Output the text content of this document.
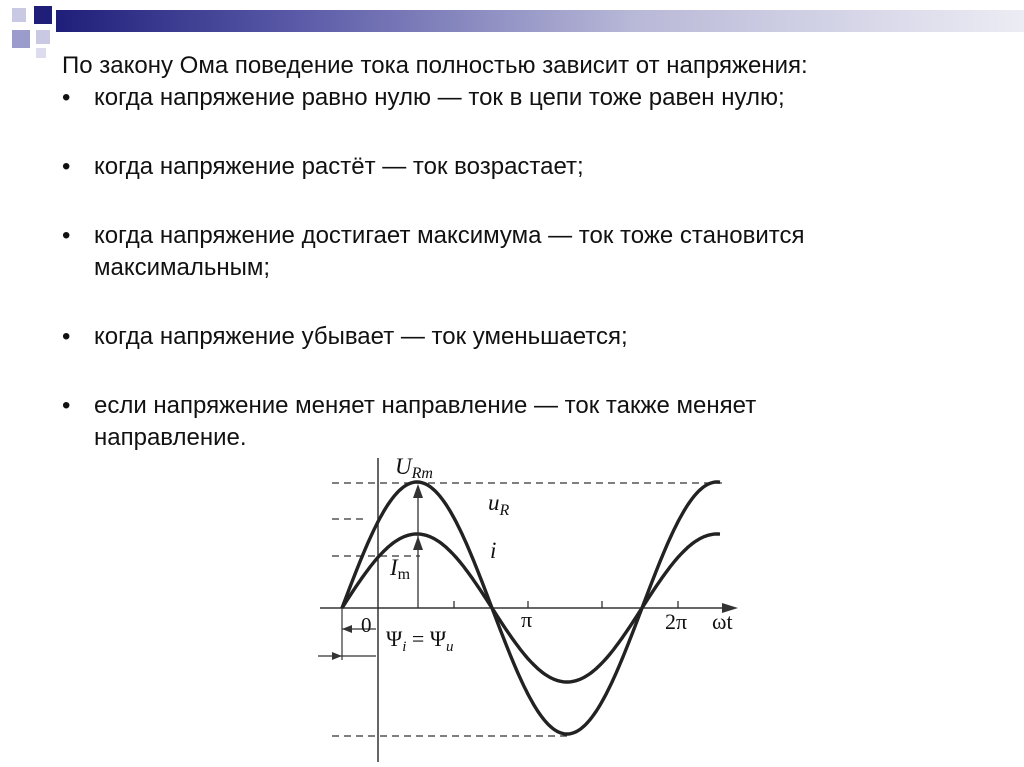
По закону Ома поведение тока полностью зависит от напряжения:
• когда напряжение равно нулю — ток в цепи тоже равен нулю;
• когда напряжение растёт — ток возрастает;
• когда напряжение достигает максимума — ток тоже становится
максимальным;
• когда напряжение убывает — ток уменьшается;
• если напряжение меняет направление — ток также меняет
направление.
URm
$u_R$
i
Im
0	π	2π ωt
$\Psi_i = \Psi_u$
